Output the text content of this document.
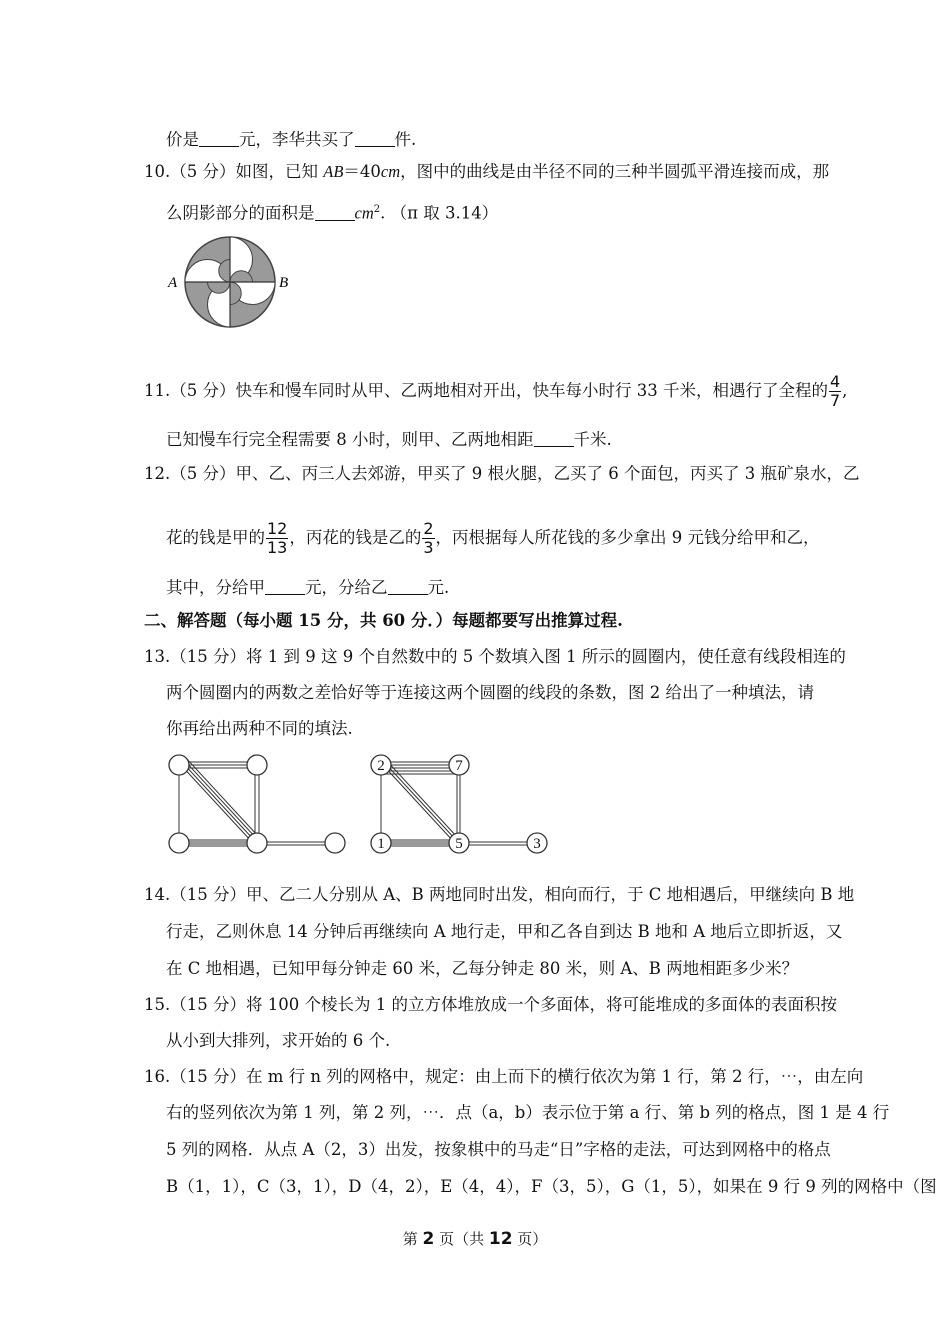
价是 元，李华共买了 件.
10.（5 分）如图，已知 AB＝40cm，图中的曲线是由半径不同的三种半圆弧平滑连接而成，那
么阴影部分的面积是 $cm^2$. （π 取 3.14）
A	B
11.（5 分）快车和慢车同时从甲、乙两地相对开出，快车每小时行 33 千米，相遇行了全程的 $\frac{4}{7}$ ,
已知慢车行完全程需要 8 小时，则甲、乙两地相距 千米.
12.（5 分）甲、乙、丙三人去郊游，甲买了 9 根火腿，乙买了 6 个面包，丙买了 3 瓶矿泉水，乙
花的钱是甲的 $\frac{12}{13}$ ，丙花的钱是乙的 $\frac{2}{3}$ ，丙根据每人所花钱的多少拿出 9 元钱分给甲和乙，
其中，分给甲 元，分给乙 元.
二、解答题（每小题 15 分，共 60 分．）每题都要写出推算过程.
13.（15 分）将 1 到 9 这 9 个自然数中的 5 个数填入图 1 所示的圆圈内，使任意有线段相连的
两个圆圈内的两数之差恰好等于连接这两个圆圈的线段的条数，图 2 给出了一种填法，请
你再给出两种不同的填法.
2	7
1	5	3
14.（15 分）甲、乙二人分别从 A、B 两地同时出发，相向而行，于 C 地相遇后，甲继续向 B 地
行走，乙则休息 14 分钟后再继续向 A 地行走，甲和乙各自到达 B 地和 A 地后立即折返，又
在 C 地相遇，已知甲每分钟走 60 米，乙每分钟走 80 米，则 A、B 两地相距多少米？
15.（15 分）将 100 个棱长为 1 的立方体堆放成一个多面体，将可能堆成的多面体的表面积按
从小到大排列，求开始的 6 个.
16.（15 分）在 m 行 n 列的网格中，规定：由上而下的横行依次为第 1 行，第 2 行，⋯，由左向
右的竖列依次为第 1 列，第 2 列，⋯．点（a，b）表示位于第 a 行、第 b 列的格点，图 1 是 4 行
5 列的网格．从点 A（2，3）出发，按象棋中的马走“日”字格的走法，可达到网格中的格点
B（1，1），C（3，1），D（4，2），E（4，4），F（3，5），G（1，5），如果在 9 行 9 列的网格中（图
第 2 页（共 12 页）
